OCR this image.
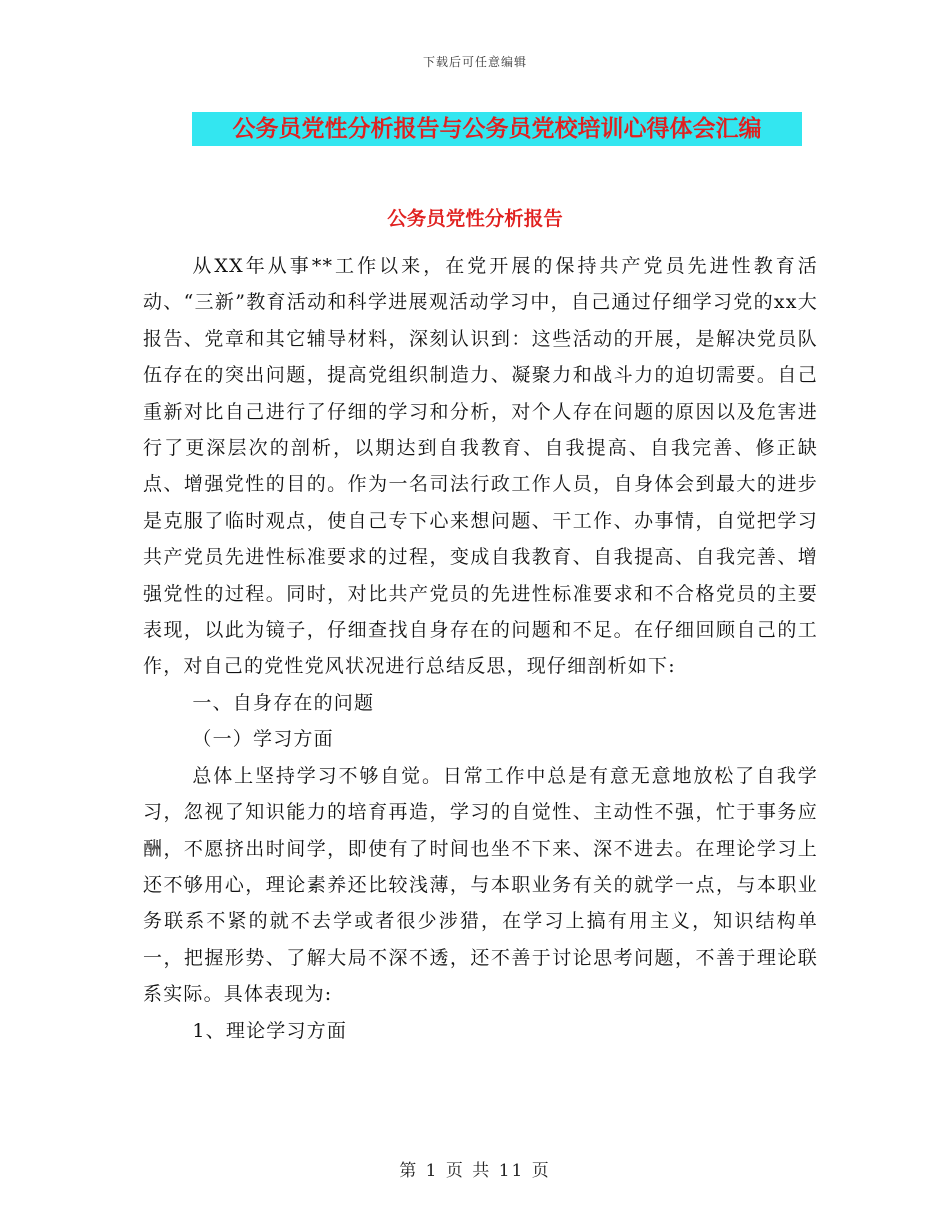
下载后可任意编辑
公务员党性分析报告与公务员党校培训心得体会汇编
公务员党性分析报告

从XX年从事**工作以来，在党开展的保持共产党员先进性教育活动、“三新”教育活动和科学进展观活动学习中，自己通过仔细学习党的xx大报告、党章和其它辅导材料，深刻认识到：这些活动的开展，是解决党员队伍存在的突出问题，提高党组织制造力、凝聚力和战斗力的迫切需要。自己重新对比自己进行了仔细的学习和分析，对个人存在问题的原因以及危害进行了更深层次的剖析，以期达到自我教育、自我提高、自我完善、修正缺点、增强党性的目的。作为一名司法行政工作人员，自身体会到最大的进步是克服了临时观点，使自己专下心来想问题、干工作、办事情，自觉把学习共产党员先进性标准要求的过程，变成自我教育、自我提高、自我完善、增强党性的过程。同时，对比共产党员的先进性标准要求和不合格党员的主要表现，以此为镜子，仔细查找自身存在的问题和不足。在仔细回顾自己的工作，对自己的党性党风状况进行总结反思，现仔细剖析如下:

一、自身存在的问题

（一）学习方面

总体上坚持学习不够自觉。日常工作中总是有意无意地放松了自我学习，忽视了知识能力的培育再造，学习的自觉性、主动性不强，忙于事务应酬，不愿挤出时间学，即使有了时间也坐不下来、深不进去。在理论学习上还不够用心，理论素养还比较浅薄，与本职业务有关的就学一点，与本职业务联系不紧的就不去学或者很少涉猎，在学习上搞有用主义，知识结构单一，把握形势、了解大局不深不透，还不善于讨论思考问题，不善于理论联系实际。具体表现为:

1、理论学习方面

第 1 页 共 11 页
